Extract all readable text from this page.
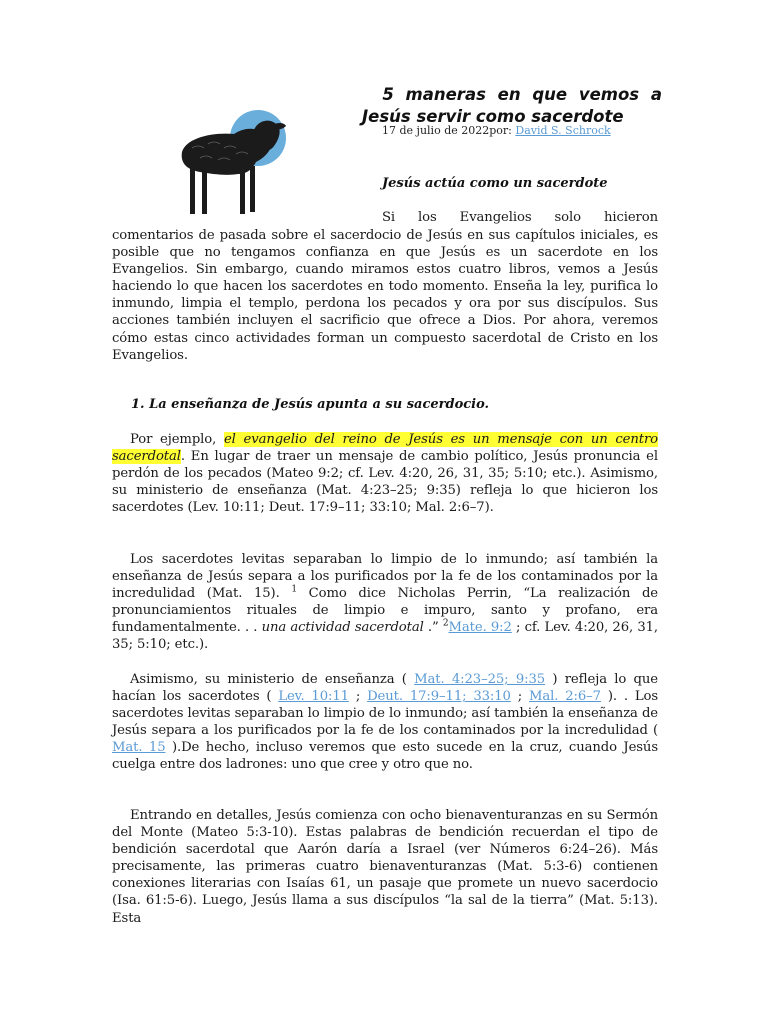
5 maneras en que vemos a
Jesús servir como sacerdote
17 de julio de 2022por: David S. Schrock
Jesús actúa como un sacerdote
Si los Evangelios solo hicieron
comentarios de pasada sobre el sacerdocio de Jesús en sus capítulos iniciales, es posible que no tengamos confianza en que Jesús es un sacerdote en los Evangelios. Sin embargo, cuando miramos estos cuatro libros, vemos a Jesús haciendo lo que hacen los sacerdotes en todo momento. Enseña la ley, purifica lo inmundo, limpia el templo, perdona los pecados y ora por sus discípulos. Sus acciones también incluyen el sacrificio que ofrece a Dios. Por ahora, veremos cómo estas cinco actividades forman un compuesto sacerdotal de Cristo en los Evangelios.
1. La enseñanza de Jesús apunta a su sacerdocio.
Por ejemplo, el evangelio del reino de Jesús es un mensaje con un centro sacerdotal. En lugar de traer un mensaje de cambio político, Jesús pronuncia el perdón de los pecados (Mateo 9:2; cf. Lev. 4:20, 26, 31, 35; 5:10; etc.). Asimismo, su ministerio de enseñanza (Mat. 4:23–25; 9:35) refleja lo que hicieron los sacerdotes (Lev. 10:11; Deut. 17:9–11; 33:10; Mal. 2:6–7).
Los sacerdotes levitas separaban lo limpio de lo inmundo; así también la enseñanza de Jesús separa a los purificados por la fe de los contaminados por la incredulidad (Mat. 15). $^1$ Como dice Nicholas Perrin, “La realización de pronunciamientos rituales de limpio e impuro, santo y profano, era fundamentalmente. . . una actividad sacerdotal .” $^2$Mate. 9:2 ; cf. Lev. 4:20, 26, 31, 35; 5:10; etc.).
Asimismo, su ministerio de enseñanza ( Mat. 4:23–25; 9:35 ) refleja lo que hacían los sacerdotes ( Lev. 10:11 ; Deut. 17:9–11; 33:10 ; Mal. 2:6–7 ). . Los sacerdotes levitas separaban lo limpio de lo inmundo; así también la enseñanza de Jesús separa a los purificados por la fe de los contaminados por la incredulidad ( Mat. 15 ).De hecho, incluso veremos que esto sucede en la cruz, cuando Jesús cuelga entre dos ladrones: uno que cree y otro que no.
Entrando en detalles, Jesús comienza con ocho bienaventuranzas en su Sermón del Monte (Mateo 5:3-10). Estas palabras de bendición recuerdan el tipo de bendición sacerdotal que Aarón daría a Israel (ver Números 6:24–26). Más precisamente, las primeras cuatro bienaventuranzas (Mat. 5:3-6) contienen conexiones literarias con Isaías 61, un pasaje que promete un nuevo sacerdocio (Isa. 61:5-6). Luego, Jesús llama a sus discípulos “la sal de la tierra” (Mat. 5:13). Esta
